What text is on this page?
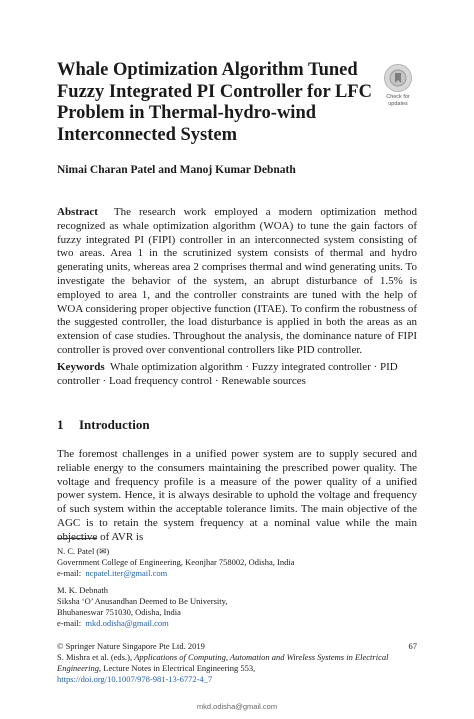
Whale Optimization Algorithm Tuned Fuzzy Integrated PI Controller for LFC Problem in Thermal-hydro-wind Interconnected System
Check for
updates
Nimai Charan Patel and Manoj Kumar Debnath

Abstract The research work employed a modern optimization method recognized as whale optimization algorithm (WOA) to tune the gain factors of fuzzy integrated PI (FIPI) controller in an interconnected system consisting of two areas. Area 1 in the scrutinized system consists of thermal and hydro generating units, whereas area 2 comprises thermal and wind generating units. To investigate the behavior of the system, an abrupt disturbance of 1.5% is employed to area 1, and the controller constraints are tuned with the help of WOA considering proper objective function (ITAE). To confirm the robustness of the suggested controller, the load disturbance is applied in both the areas as an extension of case studies. Throughout the analysis, the dominance nature of FIPI controller is proved over conventional controllers like PID controller.

Keywords Whale optimization algorithm · Fuzzy integrated controller · PID controller · Load frequency control · Renewable sources

1 Introduction

The foremost challenges in a unified power system are to supply secured and reliable energy to the consumers maintaining the prescribed power quality. The voltage and frequency profile is a measure of the power quality of a unified power system. Hence, it is always desirable to uphold the voltage and frequency of such system within the acceptable tolerance limits. The main objective of the AGC is to retain the system frequency at a nominal value while the main objective of AVR is

N. C. Patel (✉)
Government College of Engineering, Keonjhar 758002, Odisha, India
e-mail: ncpatel.iter@gmail.com

M. K. Debnath
Siksha ‘O’ Anusandhan Deemed to Be University,
Bhubaneswar 751030, Odisha, India
e-mail: mkd.odisha@gmail.com

© Springer Nature Singapore Pte Ltd. 2019	67

S. Mishra et al. (eds.), Applications of Computing, Automation and Wireless Systems in Electrical Engineering, Lecture Notes in Electrical Engineering 553,
https://doi.org/10.1007/978-981-13-6772-4_7

mkd.odisha@gmail.com
